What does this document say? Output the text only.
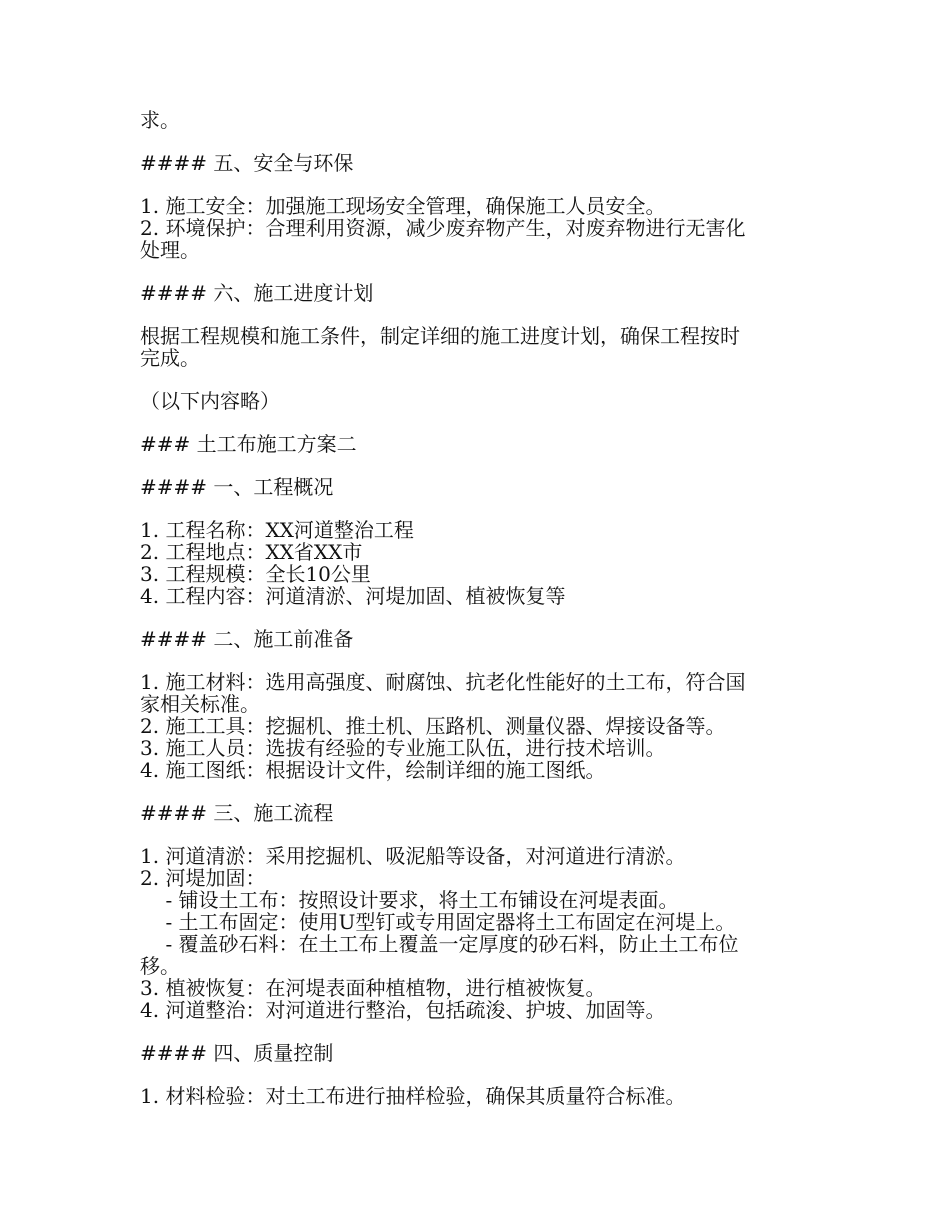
求。
#### 五、安全与环保
1. 施工安全：加强施工现场安全管理，确保施工人员安全。
2. 环境保护：合理利用资源，减少废弃物产生，对废弃物进行无害化
处理。
#### 六、施工进度计划
根据工程规模和施工条件，制定详细的施工进度计划，确保工程按时
完成。
（以下内容略）
### 土工布施工方案二
#### 一、工程概况
1. 工程名称：XX河道整治工程
2. 工程地点：XX省XX市
3. 工程规模：全长10公里
4. 工程内容：河道清淤、河堤加固、植被恢复等
#### 二、施工前准备
1. 施工材料：选用高强度、耐腐蚀、抗老化性能好的土工布，符合国
家相关标准。
2. 施工工具：挖掘机、推土机、压路机、测量仪器、焊接设备等。
3. 施工人员：选拔有经验的专业施工队伍，进行技术培训。
4. 施工图纸：根据设计文件，绘制详细的施工图纸。
#### 三、施工流程
1. 河道清淤：采用挖掘机、吸泥船等设备，对河道进行清淤。
2. 河堤加固：
- 铺设土工布：按照设计要求，将土工布铺设在河堤表面。
- 土工布固定：使用U型钉或专用固定器将土工布固定在河堤上。
- 覆盖砂石料：在土工布上覆盖一定厚度的砂石料，防止土工布位
移。
3. 植被恢复：在河堤表面种植植物，进行植被恢复。
4. 河道整治：对河道进行整治，包括疏浚、护坡、加固等。
#### 四、质量控制
1. 材料检验：对土工布进行抽样检验，确保其质量符合标准。
